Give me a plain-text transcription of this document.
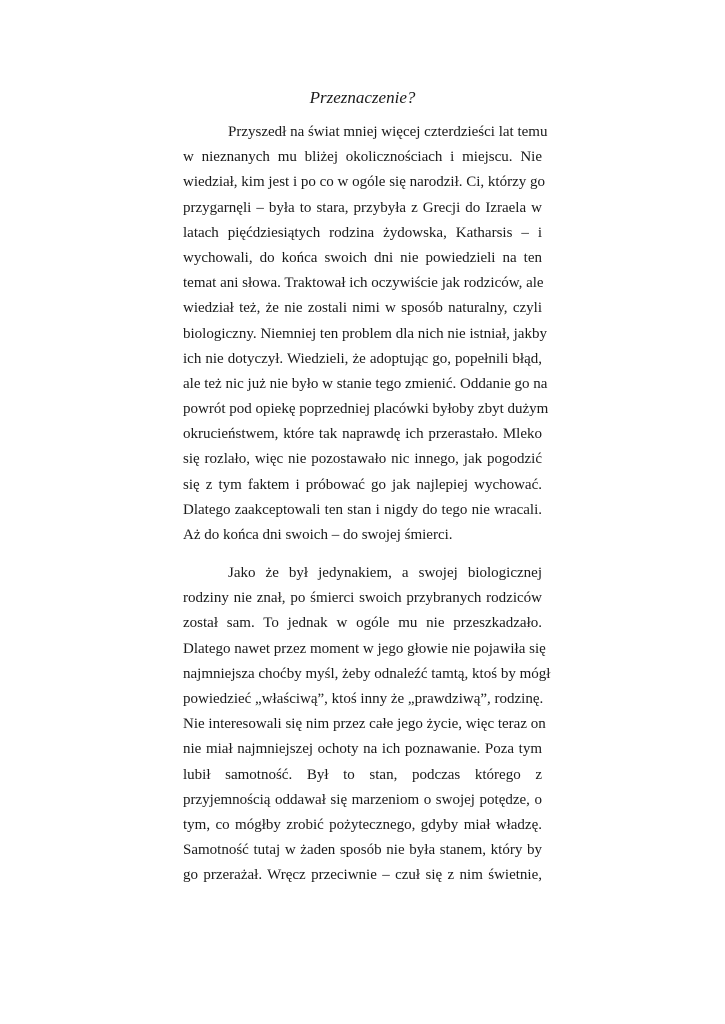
Przeznaczenie?
Przyszedł na świat mniej więcej czterdzieści lat temu
w nieznanych mu bliżej okolicznościach i miejscu. Nie
wiedział, kim jest i po co w ogóle się narodził. Ci, którzy go
przygarnęli – była to stara, przybyła z Grecji do Izraela w
latach pięćdziesiątych rodzina żydowska, Katharsis – i
wychowali, do końca swoich dni nie powiedzieli na ten
temat ani słowa. Traktował ich oczywiście jak rodziców, ale
wiedział też, że nie zostali nimi w sposób naturalny, czyli
biologiczny. Niemniej ten problem dla nich nie istniał, jakby
ich nie dotyczył. Wiedzieli, że adoptując go, popełnili błąd,
ale też nic już nie było w stanie tego zmienić. Oddanie go na
powrót pod opiekę poprzedniej placówki byłoby zbyt dużym
okrucieństwem, które tak naprawdę ich przerastało. Mleko
się rozlało, więc nie pozostawało nic innego, jak pogodzić
się z tym faktem i próbować go jak najlepiej wychować.
Dlatego zaakceptowali ten stan i nigdy do tego nie wracali.
Aż do końca dni swoich – do swojej śmierci.
Jako że był jedynakiem, a swojej biologicznej
rodziny nie znał, po śmierci swoich przybranych rodziców
został sam. To jednak w ogóle mu nie przeszkadzało.
Dlatego nawet przez moment w jego głowie nie pojawiła się
najmniejsza choćby myśl, żeby odnaleźć tamtą, ktoś by mógł
powiedzieć „właściwą”, ktoś inny że „prawdziwą”, rodzinę.
Nie interesowali się nim przez całe jego życie, więc teraz on
nie miał najmniejszej ochoty na ich poznawanie. Poza tym
lubił samotność. Był to stan, podczas którego z
przyjemnością oddawał się marzeniom o swojej potędze, o
tym, co mógłby zrobić pożytecznego, gdyby miał władzę.
Samotność tutaj w żaden sposób nie była stanem, który by
go przerażał. Wręcz przeciwnie – czuł się z nim świetnie,
